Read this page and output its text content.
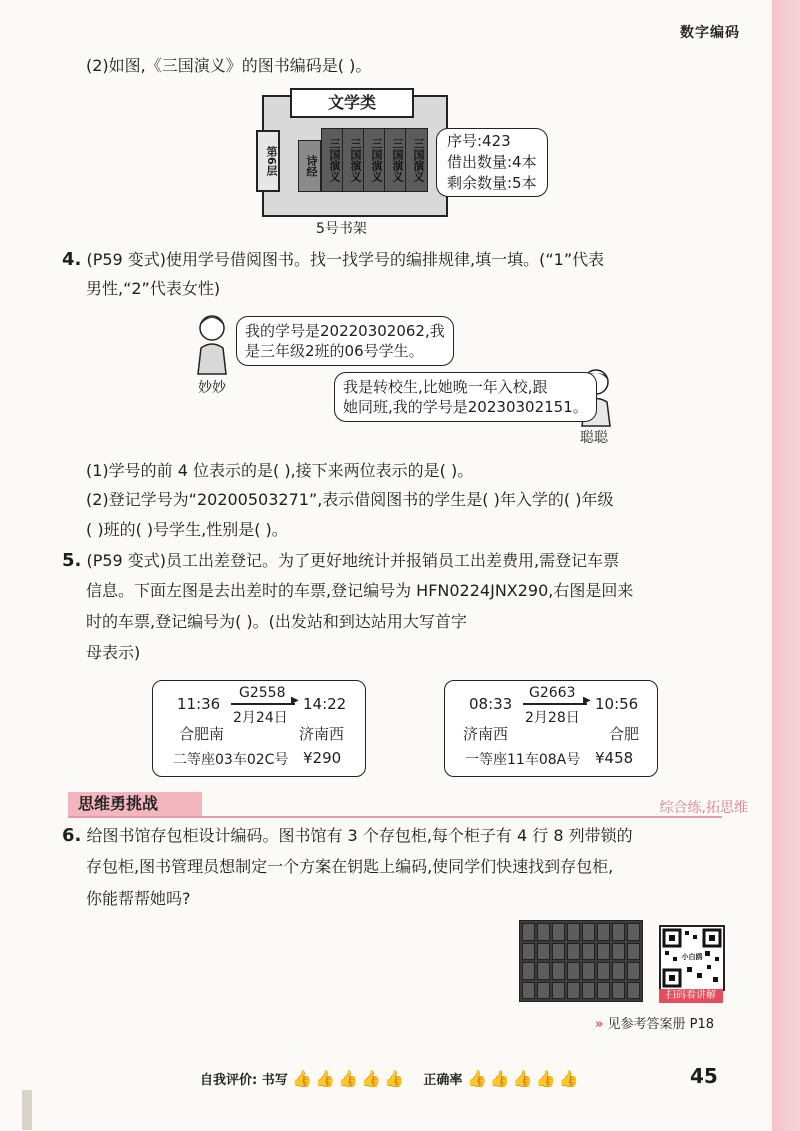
数字编码
(2)如图,《三国演义》的图书编码是( )。
文学类
第6层	诗经 三国演义 三国演义 三国演义 三国演义 三国演义 序号:423
借出数量:4本
剩余数量:5本
5号书架
4. (P59 变式)使用学号借阅图书。找一找学号的编排规律,填一填。(“1”代表
男性,“2”代表女性)
我的学号是20220302062,我
是三年级2班的06号学生。
妙妙	我是转校生,比她晚一年入校,跟
她同班,我的学号是20230302151。
聪聪
(1)学号的前 4 位表示的是( ),接下来两位表示的是( )。
(2)登记学号为“20200503271”,表示借阅图书的学生是( )年入学的( )年级
( )班的( )号学生,性别是( )。
5. (P59 变式)员工出差登记。为了更好地统计并报销员工出差费用,需登记车票
信息。下面左图是去出差时的车票,登记编号为 HFN0224JNX290,右图是回来
时的车票,登记编号为( )。(出发站和到达站用大写首字
母表示)
11:36
G2558 ▶ 14:22
2月24日
合肥南	济南西
二等座03车02C号 ¥290
08:33
G2663 ▶ 10:56
2月28日
济南西	合肥
一等座11车08A号 ¥458
思维勇挑战	综合练,拓思维
6. 给图书馆存包柜设计编码。图书馆有 3 个存包柜,每个柜子有 4 行 8 列带锁的
存包柜,图书管理员想制定一个方案在钥匙上编码,使同学们快速找到存包柜,
你能帮帮她吗?
小白鸥
扫码看讲解
» 见参考答案册 P18
自我评价: 书写 👍👍👍👍👍 正确率 👍👍👍👍👍	45
